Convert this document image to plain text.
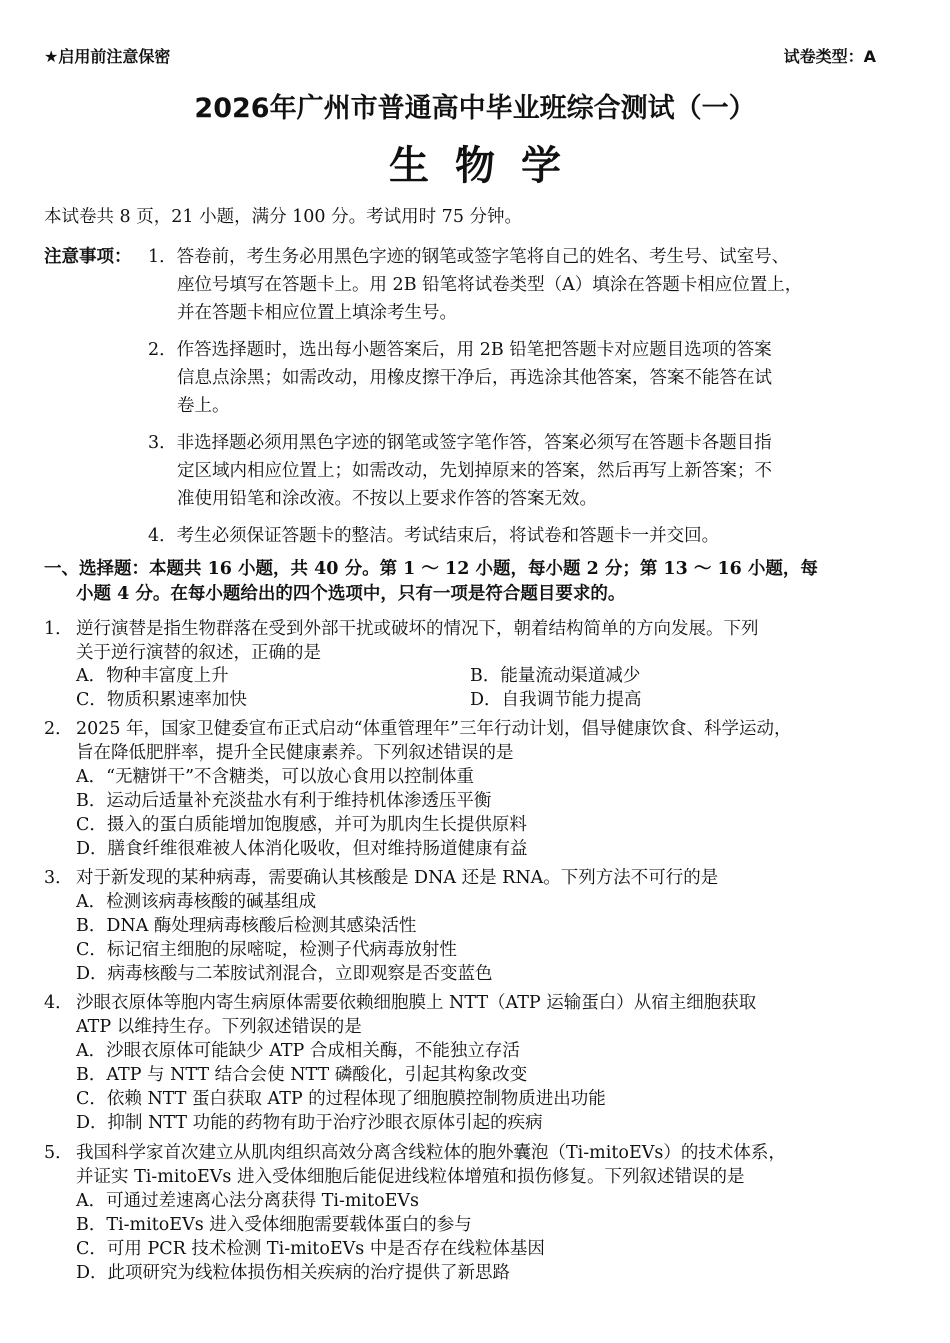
★启用前注意保密	试卷类型：A
2026年广州市普通高中毕业班综合测试（一）
生物学
本试卷共 8 页，21 小题，满分 100 分。考试用时 75 分钟。
注意事项： 1．答卷前，考生务必用黑色字迹的钢笔或签字笔将自己的姓名、考生号、试室号、
座位号填写在答题卡上。用 2B 铅笔将试卷类型（A）填涂在答题卡相应位置上，
并在答题卡相应位置上填涂考生号。
2．作答选择题时，选出每小题答案后，用 2B 铅笔把答题卡对应题目选项的答案
信息点涂黑；如需改动，用橡皮擦干净后，再选涂其他答案，答案不能答在试
卷上。
3．非选择题必须用黑色字迹的钢笔或签字笔作答，答案必须写在答题卡各题目指
定区域内相应位置上；如需改动，先划掉原来的答案，然后再写上新答案；不
准使用铅笔和涂改液。不按以上要求作答的答案无效。
4．考生必须保证答题卡的整洁。考试结束后，将试卷和答题卡一并交回。
一、选择题：本题共 16 小题，共 40 分。第 1 ～ 12 小题，每小题 2 分；第 13 ～ 16 小题，每
小题 4 分。在每小题给出的四个选项中，只有一项是符合题目要求的。
1． 逆行演替是指生物群落在受到外部干扰或破坏的情况下，朝着结构简单的方向发展。下列
关于逆行演替的叙述，正确的是
A．物种丰富度上升	B．能量流动渠道减少
C．物质积累速率加快	D．自我调节能力提高
2． 2025 年，国家卫健委宣布正式启动“体重管理年”三年行动计划，倡导健康饮食、科学运动，
旨在降低肥胖率，提升全民健康素养。下列叙述错误的是
A．“无糖饼干”不含糖类，可以放心食用以控制体重
B．运动后适量补充淡盐水有利于维持机体渗透压平衡
C．摄入的蛋白质能增加饱腹感，并可为肌肉生长提供原料
D．膳食纤维很难被人体消化吸收，但对维持肠道健康有益
3． 对于新发现的某种病毒，需要确认其核酸是 DNA 还是 RNA。下列方法不可行的是
A．检测该病毒核酸的碱基组成
B．DNA 酶处理病毒核酸后检测其感染活性
C．标记宿主细胞的尿嘧啶，检测子代病毒放射性
D．病毒核酸与二苯胺试剂混合，立即观察是否变蓝色
4． 沙眼衣原体等胞内寄生病原体需要依赖细胞膜上 NTT（ATP 运输蛋白）从宿主细胞获取
ATP 以维持生存。下列叙述错误的是
A．沙眼衣原体可能缺少 ATP 合成相关酶，不能独立存活
B．ATP 与 NTT 结合会使 NTT 磷酸化，引起其构象改变
C．依赖 NTT 蛋白获取 ATP 的过程体现了细胞膜控制物质进出功能
D．抑制 NTT 功能的药物有助于治疗沙眼衣原体引起的疾病
5． 我国科学家首次建立从肌肉组织高效分离含线粒体的胞外囊泡（Ti-mitoEVs）的技术体系，
并证实 Ti-mitoEVs 进入受体细胞后能促进线粒体增殖和损伤修复。下列叙述错误的是
A．可通过差速离心法分离获得 Ti-mitoEVs
B．Ti-mitoEVs 进入受体细胞需要载体蛋白的参与
C．可用 PCR 技术检测 Ti-mitoEVs 中是否存在线粒体基因
D．此项研究为线粒体损伤相关疾病的治疗提供了新思路
